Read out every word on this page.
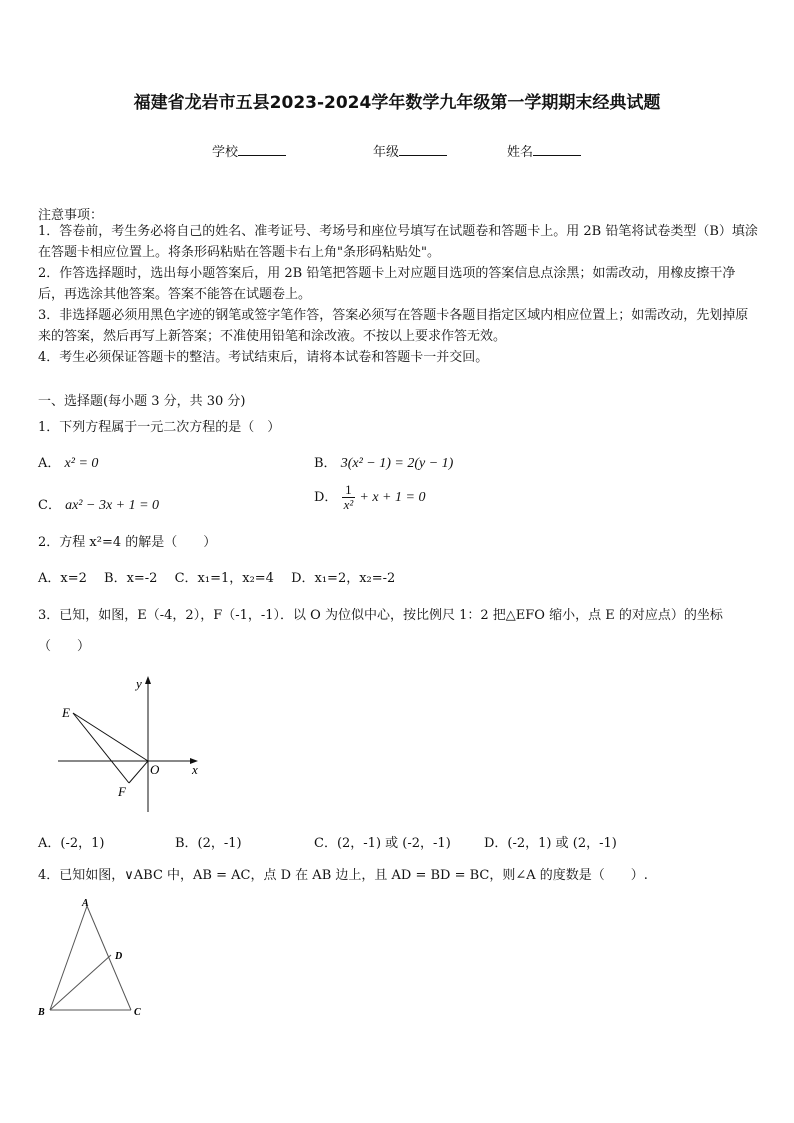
福建省龙岩市五县2023-2024学年数学九年级第一学期期末经典试题
学校	年级	姓名
注意事项：
1．答卷前，考生务必将自己的姓名、准考证号、考场号和座位号填写在试题卷和答题卡上。用 2B 铅笔将试卷类型（B）填涂在答题卡相应位置上。将条形码粘贴在答题卡右上角"条形码粘贴处"。
2．作答选择题时，选出每小题答案后，用 2B 铅笔把答题卡上对应题目选项的答案信息点涂黑；如需改动，用橡皮擦干净后，再选涂其他答案。答案不能答在试题卷上。
3．非选择题必须用黑色字迹的钢笔或签字笔作答，答案必须写在答题卡各题目指定区域内相应位置上；如需改动，先划掉原来的答案，然后再写上新答案；不准使用铅笔和涂改液。不按以上要求作答无效。
4．考生必须保证答题卡的整洁。考试结束后，请将本试卷和答题卡一并交回。
一、选择题(每小题 3 分，共 30 分)
1．下列方程属于一元二次方程的是（　）
A． x² = 0	B． 3(x² − 1) = 2(y − 1)
C． ax² − 3x + 1 = 0
D． $\frac{1}{\text{x²}} + x + 1 = 0$
2．方程 x²=4 的解是（　　）
A．x=2　 B．x=-2　 C．x₁=1，x₂=4　 D．x₁=2，x₂=-2
3．已知，如图，E（-4，2），F（-1，-1）．以 O 为位似中心，按比例尺 1：2 把△EFO 缩小，点 E 的对应点）的坐标
（　　）
y
x
E
O
F
A．(-2，1)	B．(2，-1)	C．(2，-1) 或 (-2，-1)	D．(-2，1) 或 (2，-1)
4．已知如图，∨ABC 中，AB = AC，点 D 在 AB 边上，且 AD = BD = BC，则∠A 的度数是（　　）.
A
B	C
D
